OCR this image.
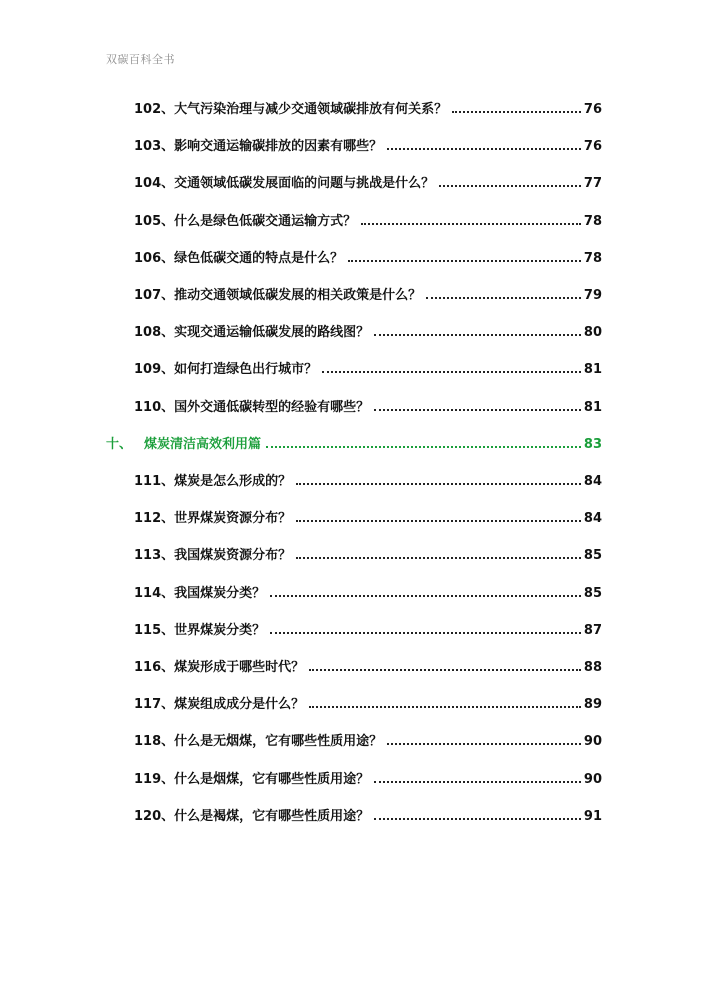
双碳百科全书
102、大气污染治理与减少交通领域碳排放有何关系？	76
103、影响交通运输碳排放的因素有哪些？	76
104、交通领域低碳发展面临的问题与挑战是什么？	77
105、什么是绿色低碳交通运输方式？	78
106、绿色低碳交通的特点是什么？	78
107、推动交通领域低碳发展的相关政策是什么？	79
108、实现交通运输低碳发展的路线图？	80
109、如何打造绿色出行城市？	81
110、国外交通低碳转型的经验有哪些？	81
十、 煤炭清洁高效利用篇	83
111、煤炭是怎么形成的？	84
112、世界煤炭资源分布？	84
113、我国煤炭资源分布？	85
114、我国煤炭分类？	85
115、世界煤炭分类？	87
116、煤炭形成于哪些时代？	88
117、煤炭组成成分是什么？	89
118、什么是无烟煤，它有哪些性质用途？	90
119、什么是烟煤，它有哪些性质用途？	90
120、什么是褐煤，它有哪些性质用途？	91
